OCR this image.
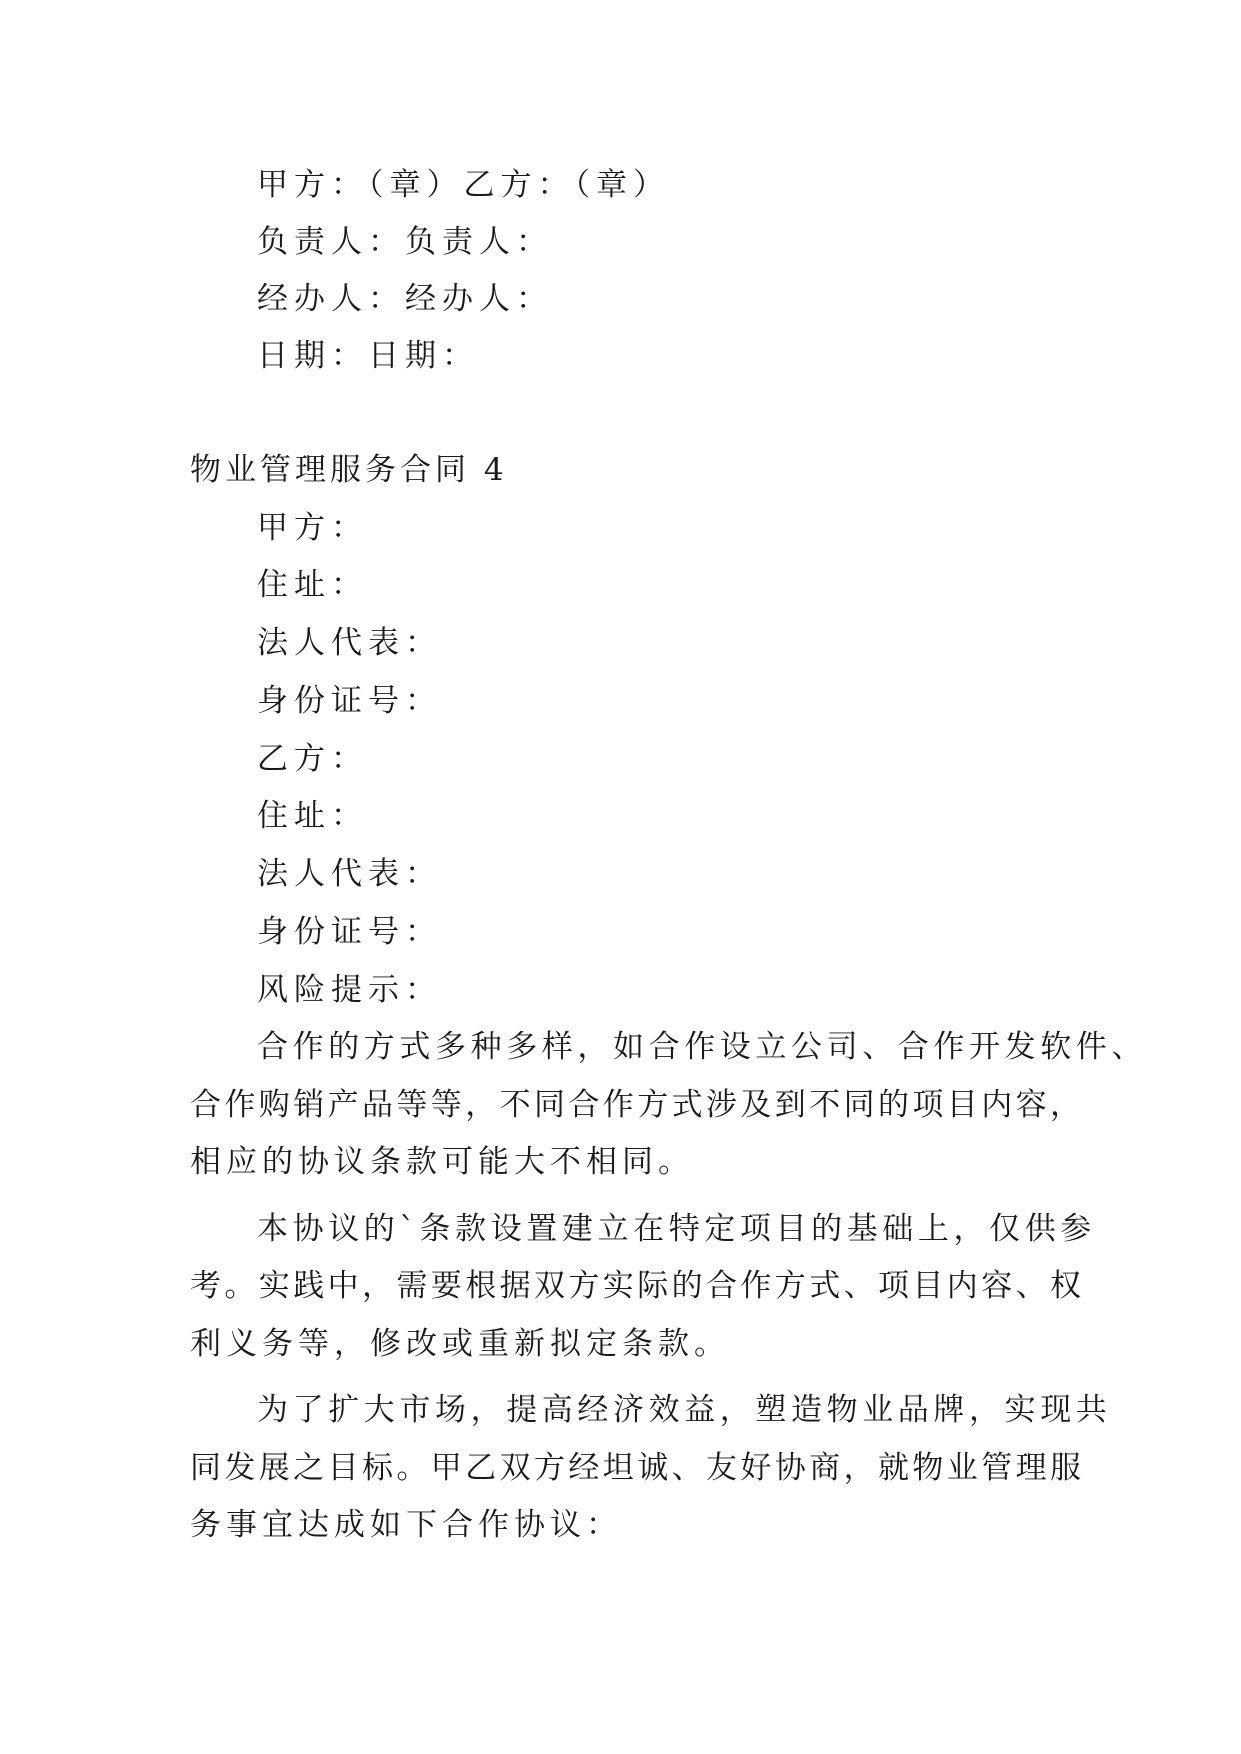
甲方：（章）乙方：（章）
负责人：负责人：
经办人：经办人：
日期：日期：
物业管理服务合同 4
甲方：
住址：
法人代表：
身份证号：
乙方：
住址：
法人代表：
身份证号：
风险提示：
合作的方式多种多样，如合作设立公司、合作开发软件、
合作购销产品等等，不同合作方式涉及到不同的项目内容，
相应的协议条款可能大不相同。
本协议的`条款设置建立在特定项目的基础上，仅供参
考。实践中，需要根据双方实际的合作方式、项目内容、权
利义务等，修改或重新拟定条款。
为了扩大市场，提高经济效益，塑造物业品牌，实现共
同发展之目标。甲乙双方经坦诚、友好协商，就物业管理服
务事宜达成如下合作协议：
